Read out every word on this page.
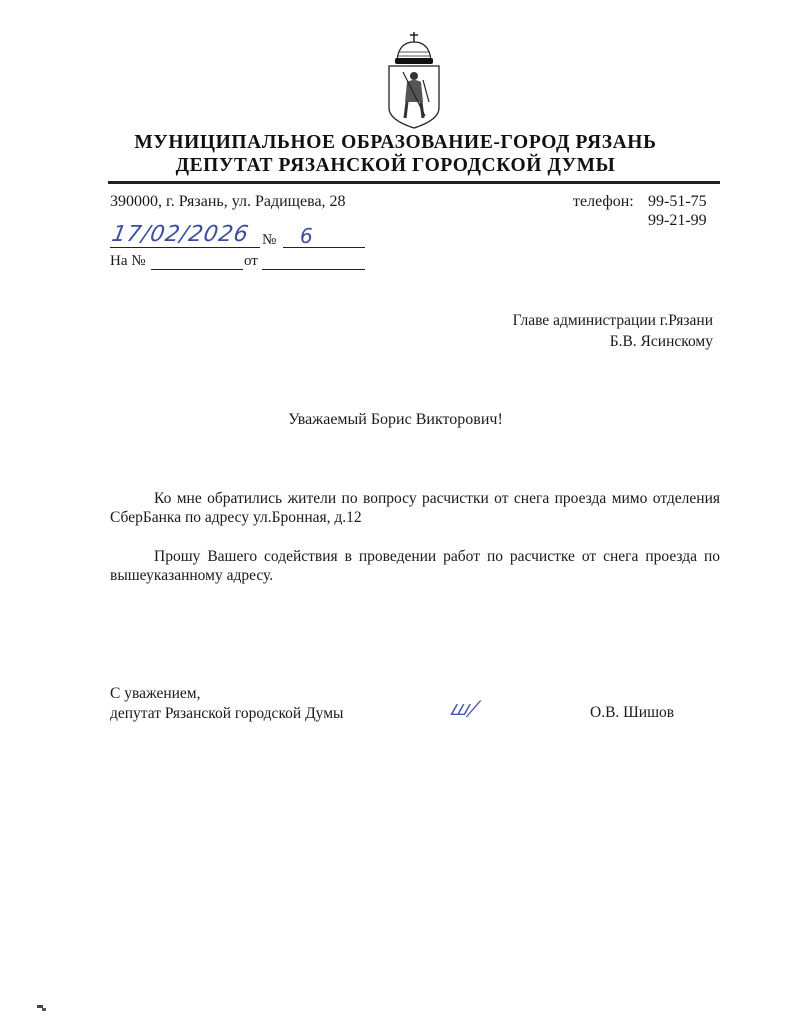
МУНИЦИПАЛЬНОЕ ОБРАЗОВАНИЕ-ГОРОД РЯЗАНЬ
ДЕПУТАТ РЯЗАНСКОЙ ГОРОДСКОЙ ДУМЫ
390000, г. Рязань, ул. Радищева, 28	телефон: 99-51-75
99-21-99
17/02/2026 № 6
На №	от
Главе администрации г.Рязани
Б.В. Ясинскому
Уважаемый Борис Викторович!
Ко мне обратились жители по вопросу расчистки от снега проезда мимо отделения СберБанка по адресу ул.Бронная, д.12
Прошу Вашего содействия в проведении работ по расчистке от снега проезда по вышеуказанному адресу.
С уважением,
депутат Рязанской городской Думы	ш/	О.В. Шишов
